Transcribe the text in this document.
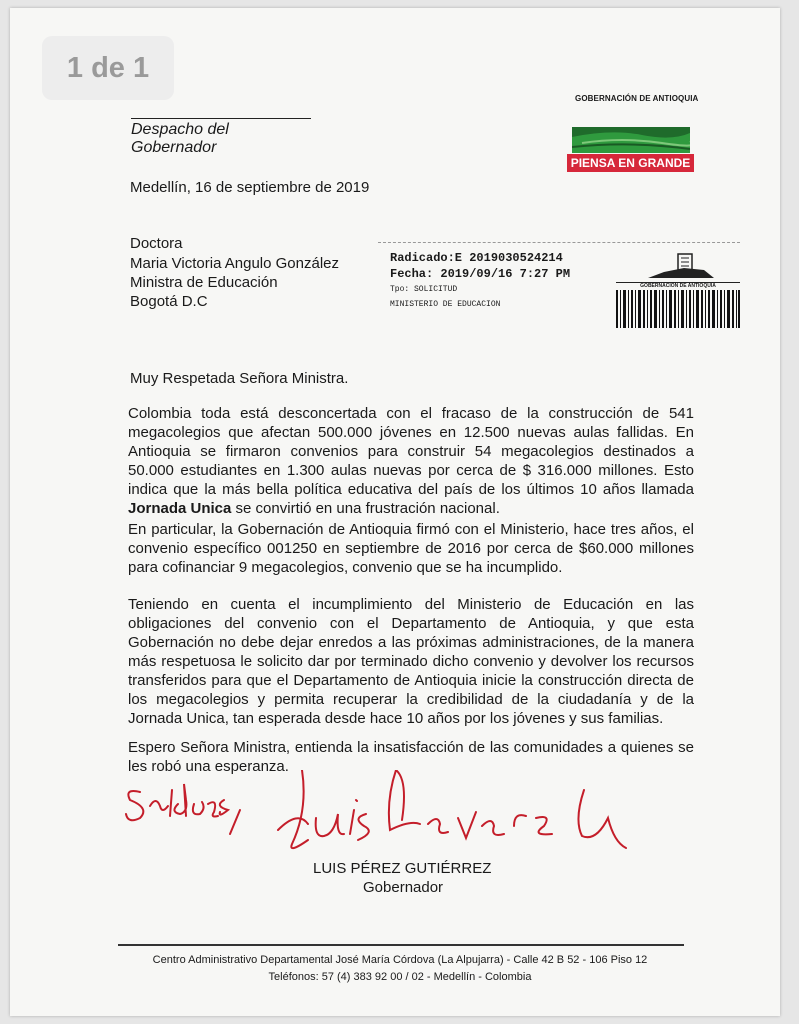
1 de 1
Despacho del Gobernador
GOBERNACIÓN DE ANTIOQUIA
PIENSA EN GRANDE
Medellín, 16 de septiembre de 2019
Doctora
Maria Victoria Angulo González
Ministra de Educación
Bogotá D.C
Radicado:E 2019030524214
Fecha: 2019/09/16 7:27 PM
Tpo: SOLICITUD
MINISTERIO DE EDUCACION
GOBERNACIÓN DE ANTIOQUIA
Muy Respetada Señora Ministra.
Colombia toda está desconcertada con el fracaso de la construcción de 541 megacolegios que afectan 500.000 jóvenes en 12.500 nuevas aulas fallidas. En Antioquia se firmaron convenios para construir 54 megacolegios destinados a 50.000 estudiantes en 1.300 aulas nuevas por cerca de $ 316.000 millones. Esto indica que la más bella política educativa del país de los últimos 10 años llamada Jornada Unica se convirtió en una frustración nacional.
En particular, la Gobernación de Antioquia firmó con el Ministerio, hace tres años, el convenio específico 001250 en septiembre de 2016 por cerca de $60.000 millones para cofinanciar 9 megacolegios, convenio que se ha incumplido.
Teniendo en cuenta el incumplimiento del Ministerio de Educación en las obligaciones del convenio con el Departamento de Antioquia, y que esta Gobernación no debe dejar enredos a las próximas administraciones, de la manera más respetuosa le solicito dar por terminado dicho convenio y devolver los recursos transferidos para que el Departamento de Antioquia inicie la construcción directa de los megacolegios y permita recuperar la credibilidad de la ciudadanía y de la Jornada Unica, tan esperada desde hace 10 años por los jóvenes y sus familias.
Espero Señora Ministra, entienda la insatisfacción de las comunidades a quienes se les robó una esperanza.
LUIS PÉREZ GUTIÉRREZ
Gobernador
Centro Administrativo Departamental José María Córdova (La Alpujarra) - Calle 42 B 52 - 106 Piso 12
Teléfonos: 57 (4) 383 92 00 / 02 - Medellín - Colombia
